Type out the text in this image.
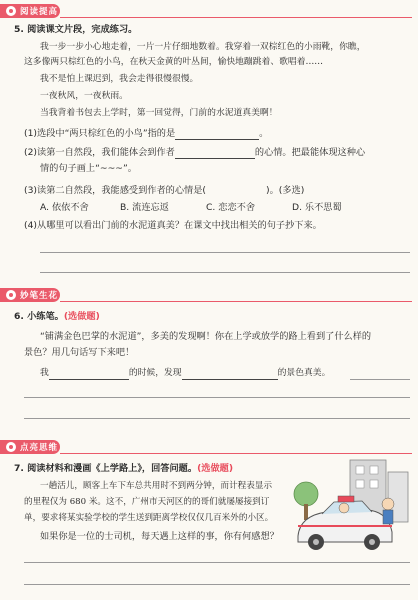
阅读提高
5. 阅读课文片段，完成练习。
我一步一步小心地走着，一片一片仔细地数着。我穿着一双棕红色的小雨靴，你瞧，
这多像两只棕红色的小鸟，在秋天金黄的叶丛间，愉快地蹦跳着、歌唱着……
我不是怕上课迟到，我会走得很慢很慢。
一夜秋风，一夜秋雨。
当我背着书包去上学时，第一回觉得，门前的水泥道真美啊！
(1)选段中“两只棕红色的小鸟”指的是	。
(2)读第一自然段，我们能体会到作者	的心情。把最能体现这种心
情的句子画上“~~~”。
(3)读第二自然段，我能感受到作者的心情是(	)。(多选)
A. 依依不舍	B. 流连忘返	C. 恋恋不舍	D. 乐不思蜀
(4)从哪里可以看出门前的水泥道真美？在课文中找出相关的句子抄下来。
妙笔生花
6. 小练笔。(选做题)
“铺满金色巴掌的水泥道”，多美的发现啊！你在上学或放学的路上看到了什么样的
景色？用几句话写下来吧！
我	的时候，发现	的景色真美。
点亮思维
7. 阅读材料和漫画《上学路上》，回答问题。(选做题)
一趟活儿，顾客上车下车总共用时不到两分钟，而计程表显示
的里程仅为 680 米。这不，广州市天河区的的哥们就屡屡接到订
单，要求将某实验学校的学生送到距离学校仅仅几百米外的小区。
如果你是一位的士司机，每天遇上这样的事，你有何感想？
